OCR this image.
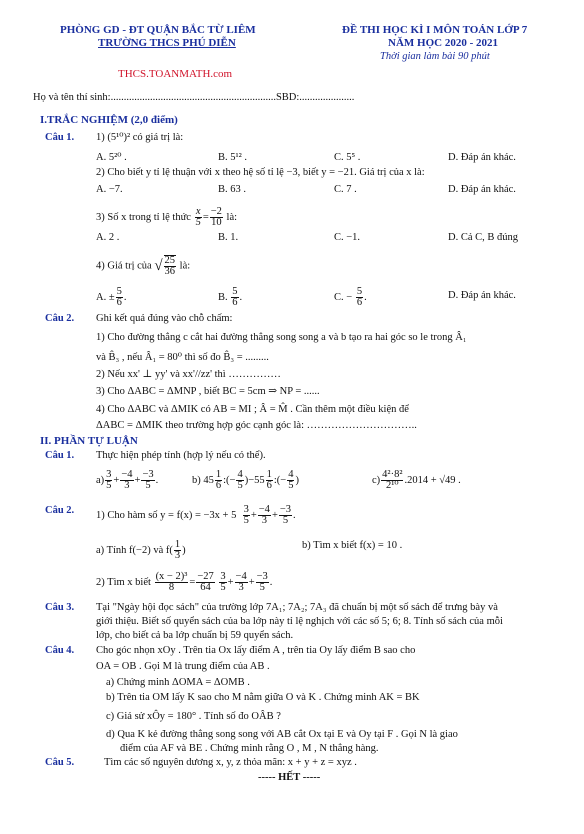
PHÒNG GD - ĐT QUẬN BẮC TỪ LIÊM
TRƯỜNG THCS PHÚ DIỄN
THCS.TOANMATH.com
ĐỀ THI HỌC KÌ I MÔN TOÁN LỚP 7
NĂM HỌC 2020 - 2021
Thời gian làm bài 90 phút
Họ và tên thí sinh:...............................................................SBD:.....................
I.TRẮC NGHIỆM (2,0 điểm)
Câu 1. 1) (5¹⁰)² có giá trị là:
A. 5²⁰ .	B. 5¹² .	C. 5⁵ .	D. Đáp án khác.
2) Cho biết y tỉ lệ thuận với x theo hệ số tỉ lệ −3, biết y = −21. Giá trị của x là:
A. −7.	B. 63 .	C. 7 .	D. Đáp án khác.
3) Số x trong tỉ lệ thức $\frac{x}{5} = \frac{-2}{10}$ là:
A. 2 .	B. 1.	C. −1.	D. Cả C, B đúng
4) Giá trị của √ $\frac{25}{36}$ là:
A. ± $\frac{5}{6}$ .	B. $\frac{5}{6}$ .	C. − $\frac{5}{6}$ .	D. Đáp án khác.
Câu 2. Ghi kết quả đúng vào chỗ chấm:
1) Cho đường thẳng c cắt hai đường thẳng song song a và b tạo ra hai góc so le trong Â₁
và B̂₃ , nếu Â₁ = 80⁰ thì số đo B̂₃ = .........
2) Nếu xx' ⊥ yy' và xx'//zz' thì ……………
3) Cho ΔABC = ΔMNP , biết BC = 5cm ⇒ NP = ......
4) Cho ΔABC và ΔMIK có AB = MI ; Â = M̂ . Cần thêm một điều kiện để
ΔABC = ΔMIK theo trường hợp góc cạnh góc là: …………………………..
II. PHẦN TỰ LUẬN
Câu 1. Thực hiện phép tính (hợp lý nếu có thể).
$a) \frac{3}{5} + \frac{-4}{3} + \frac{-3}{5}$ .	b) $45 \frac{1}{6}$ :(− $\frac{4}{5} )-55 \frac{1}{6}$ :(− $\frac{4}{5}$ )	$c) \frac{\text{4²·8²}}{\text{2¹⁰}} .2014 + √49$ .
Câu 2. 1) Cho hàm số $y = f(x) = -3x + 5 \frac{3}{5} + \frac{-4}{3} + \frac{-3}{5}$ .
a) Tính f(−2) và $f( \frac{1}{3}$ )	b) Tìm x biết f(x) = 10 .
2) Tìm x biết $\frac{\text{(x − 2)³}}{8} = \frac{-27}{64}$
$\frac{3}{5} + \frac{-4}{3} + \frac{-3}{5}$ .
Câu 3. Tại "Ngày hội đọc sách" của trường lớp 7A₁; 7A₂; 7A₃ đã chuẩn bị một số sách để trưng bày và
giới thiệu. Biết số quyển sách của ba lớp này tỉ lệ nghịch với các số 5; 6; 8. Tính số sách của mỗi
lớp, cho biết cả ba lớp chuẩn bị 59 quyển sách.
Câu 4. Cho góc nhọn xOy . Trên tia Ox lấy điểm A , trên tia Oy lấy điểm B sao cho
OA = OB . Gọi M là trung điểm của AB .
a) Chứng minh ΔOMA = ΔOMB .
b) Trên tia OM lấy K sao cho M nằm giữa O và K . Chứng minh AK = BK
c) Giả sử xÔy = 180° . Tính số đo OÂB ?
d) Qua K kẻ đường thẳng song song với AB cắt Ox tại E và Oy tại F . Gọi N là giao
điểm của AF và BE . Chứng minh rằng O , M , N thẳng hàng.
Câu 5.	Tìm các số nguyên dương x, y, z thỏa mãn: x + y + z = xyz .
----- HẾT -----
